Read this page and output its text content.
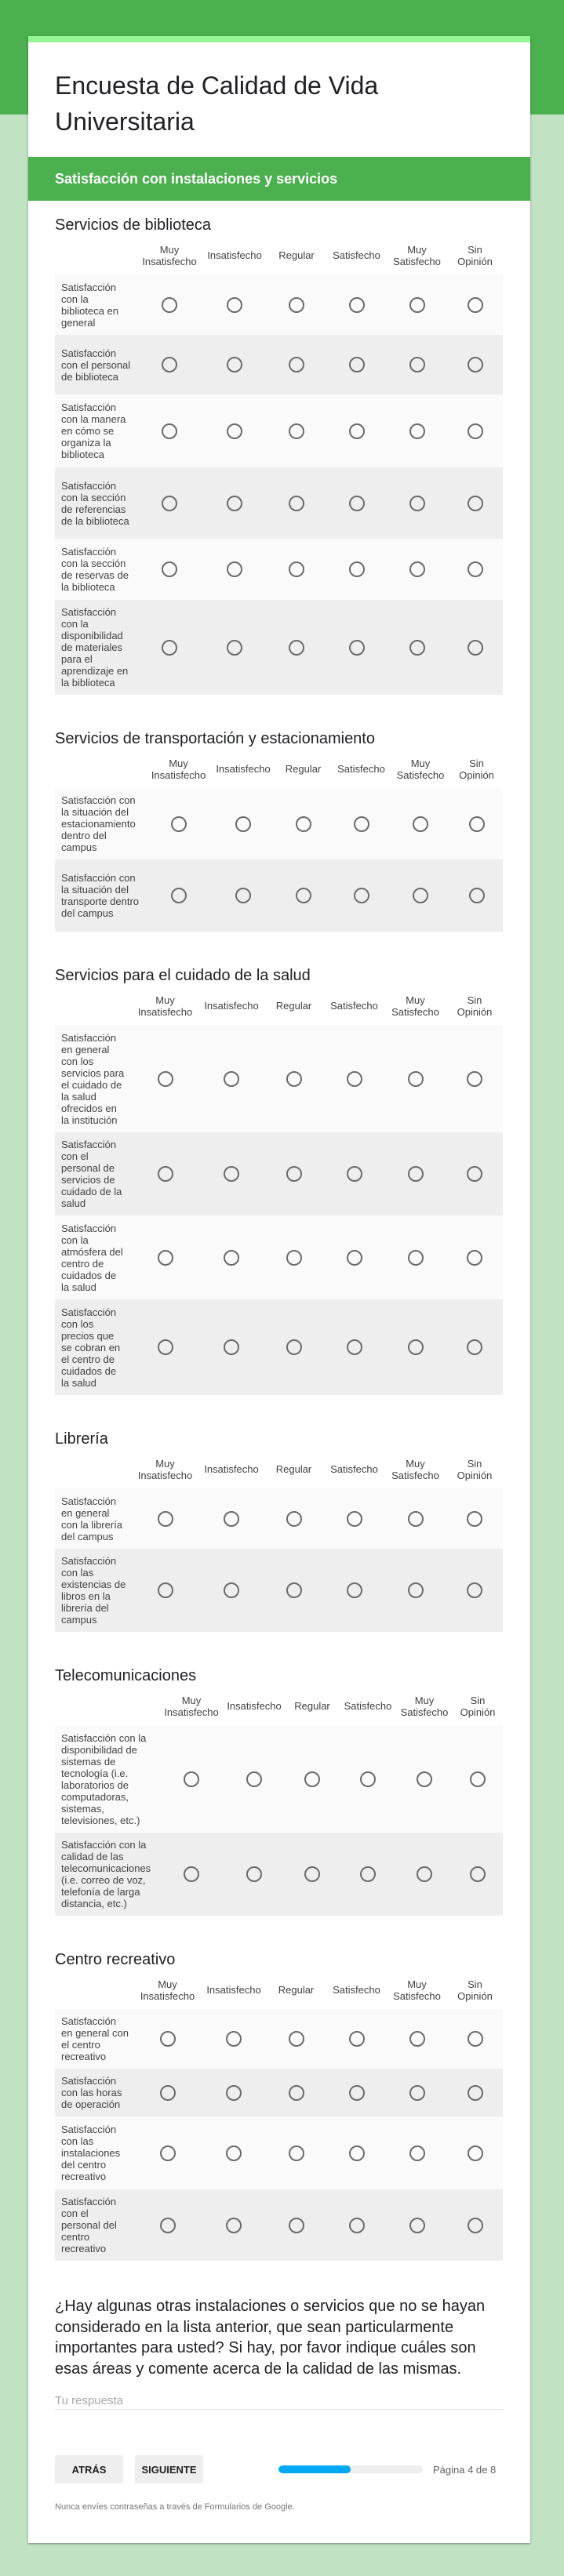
Encuesta de Calidad de Vida Universitaria
Satisfacción con instalaciones y servicios
Servicios de biblioteca

	Muy Insatisfecho	Insatisfecho	Regular	Satisfecho	Muy Satisfecho	Sin Opinión

Satisfacción con la biblioteca en general						

Satisfacción con el personal de biblioteca						

Satisfacción con la manera en cómo se organiza la biblioteca						

Satisfacción con la sección de referencias de la biblioteca						

Satisfacción con la sección de reservas de la biblioteca						

Satisfacción con la disponibilidad de materiales para el aprendizaje en la biblioteca						

Servicios de transportación y estacionamiento

	Muy Insatisfecho	Insatisfecho	Regular	Satisfecho	Muy Satisfecho	Sin Opinión

Satisfacción con la situación del estacionamiento dentro del campus						

Satisfacción con la situación del transporte dentro del campus						

Servicios para el cuidado de la salud

	Muy Insatisfecho	Insatisfecho	Regular	Satisfecho	Muy Satisfecho	Sin Opinión

Satisfacción en general con los servicios para el cuidado de la salud ofrecidos en la institución						

Satisfacción con el personal de servicios de cuidado de la salud						

Satisfacción con la atmósfera del centro de cuidados de la salud						

Satisfacción con los precios que se cobran en el centro de cuidados de la salud						

Librería

	Muy Insatisfecho	Insatisfecho	Regular	Satisfecho	Muy Satisfecho	Sin Opinión

Satisfacción en general con la librería del campus						

Satisfacción con las existencias de libros en la librería del campus						

Telecomunicaciones

	Muy Insatisfecho	Insatisfecho	Regular	Satisfecho	Muy Satisfecho	Sin Opinión

Satisfacción con la disponibilidad de sistemas de tecnología (i.e. laboratorios de computadoras, sistemas, televisiones, etc.)						

Satisfacción con la calidad de las telecomunicaciones (i.e. correo de voz, telefonía de larga distancia, etc.)						

Centro recreativo

	Muy Insatisfecho	Insatisfecho	Regular	Satisfecho	Muy Satisfecho	Sin Opinión

Satisfacción en general con el centro recreativo						

Satisfacción con las horas de operación						

Satisfacción con las instalaciones del centro recreativo						

Satisfacción con el personal del centro recreativo						

¿Hay algunas otras instalaciones o servicios que no se hayan considerado en la lista anterior, que sean particularmente importantes para usted? Si hay, por favor indique cuáles son esas áreas y comente acerca de la calidad de las mismas.
Tu respuesta
ATRÁS	SIGUIENTE	Página 4 de 8
Nunca envíes contraseñas a través de Formularios de Google.
